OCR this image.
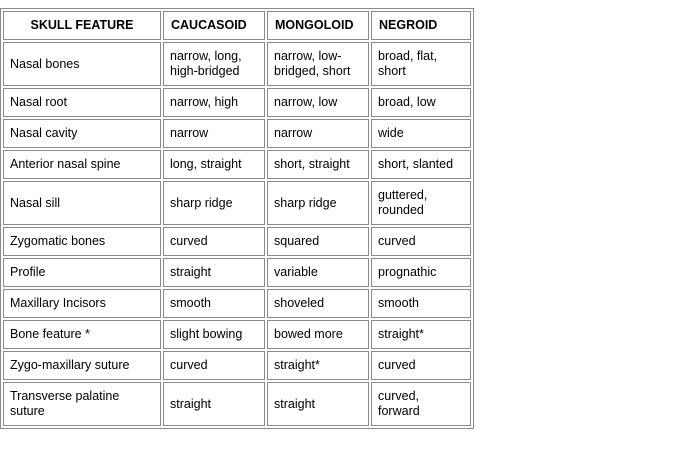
SKULL FEATURE	CAUCASOID	MONGOLOID	NEGROID
Nasal bones	narrow, long, high-bridged	narrow, low-bridged, short	broad, flat, short
Nasal root	narrow, high	narrow, low	broad, low
Nasal cavity	narrow	narrow	wide
Anterior nasal spine	long, straight	short, straight	short, slanted
Nasal sill	sharp ridge	sharp ridge	guttered, rounded
Zygomatic bones	curved	squared	curved
Profile	straight	variable	prognathic
Maxillary Incisors	smooth	shoveled	smooth
Bone feature *	slight bowing	bowed more	straight*
Zygo-maxillary suture	curved	straight*	curved
Transverse palatine suture	straight	straight	curved, forward
